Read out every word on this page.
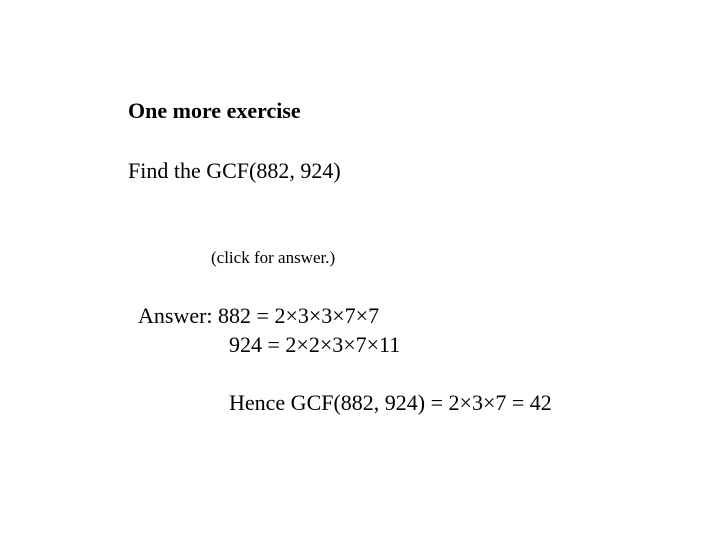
One more exercise
Find the GCF(882, 924)
(click for answer.)
Answer: 882 = 2×3×3×7×7
924 = 2×2×3×7×11
Hence GCF(882, 924) = 2×3×7 = 42
